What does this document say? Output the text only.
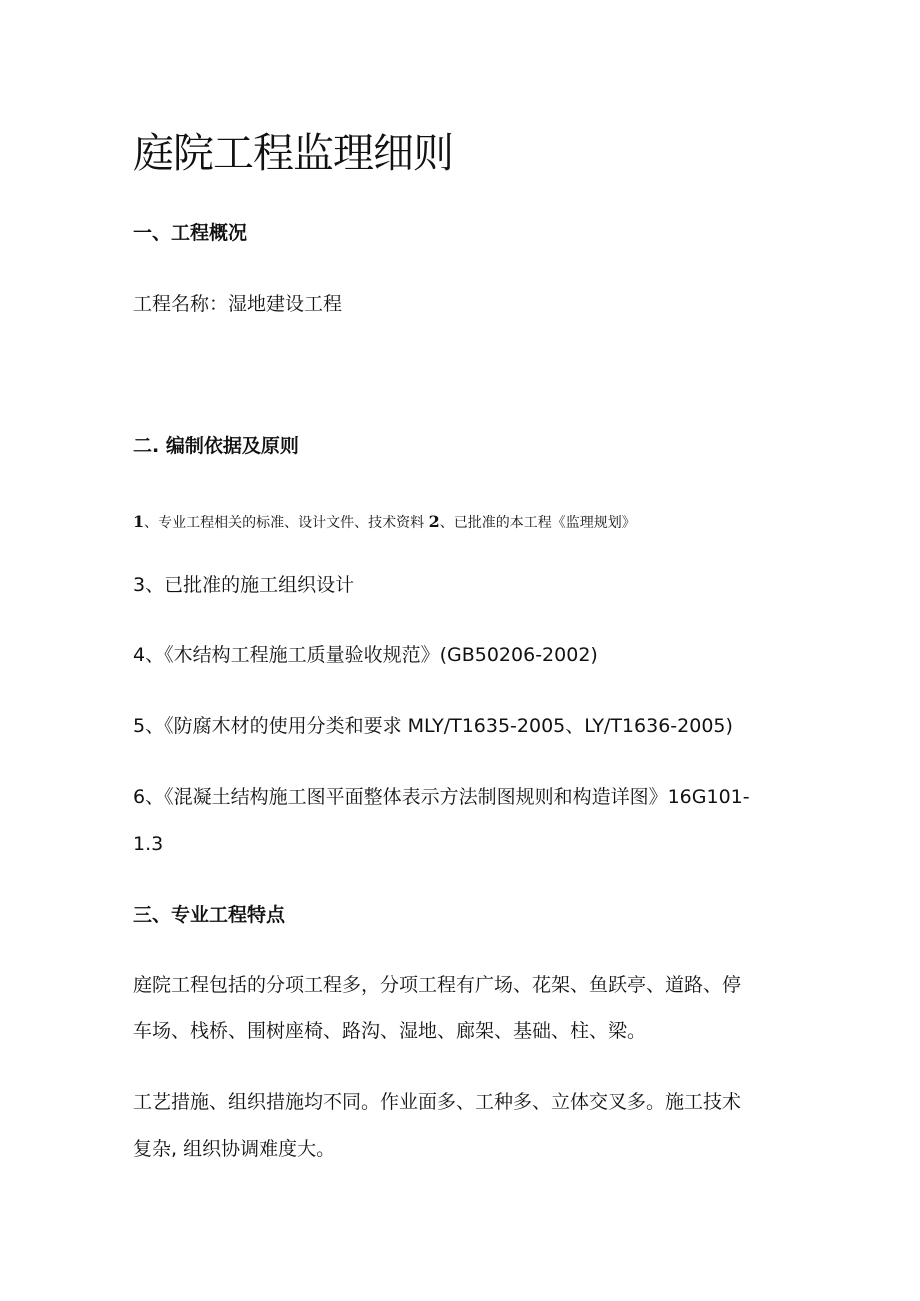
庭院工程监理细则
一、工程概况
工程名称：湿地建设工程
二. 编制依据及原则
1、专业工程相关的标准、设计文件、技术资料 2、已批准的本工程《监理规划》
3、已批准的施工组织设计
4、《木结构工程施工质量验收规范》(GB50206-2002)
5、《防腐木材的使用分类和要求 MLY/T1635-2005、LY/T1636-2005)
6、《混凝土结构施工图平面整体表示方法制图规则和构造详图》16G101-
1.3
三、专业工程特点
庭院工程包括的分项工程多，分项工程有广场、花架、鱼跃亭、道路、停
车场、栈桥、围树座椅、路沟、湿地、廊架、基础、柱、梁。
工艺措施、组织措施均不同。作业面多、工种多、立体交叉多。施工技术
复杂, 组织协调难度大。
